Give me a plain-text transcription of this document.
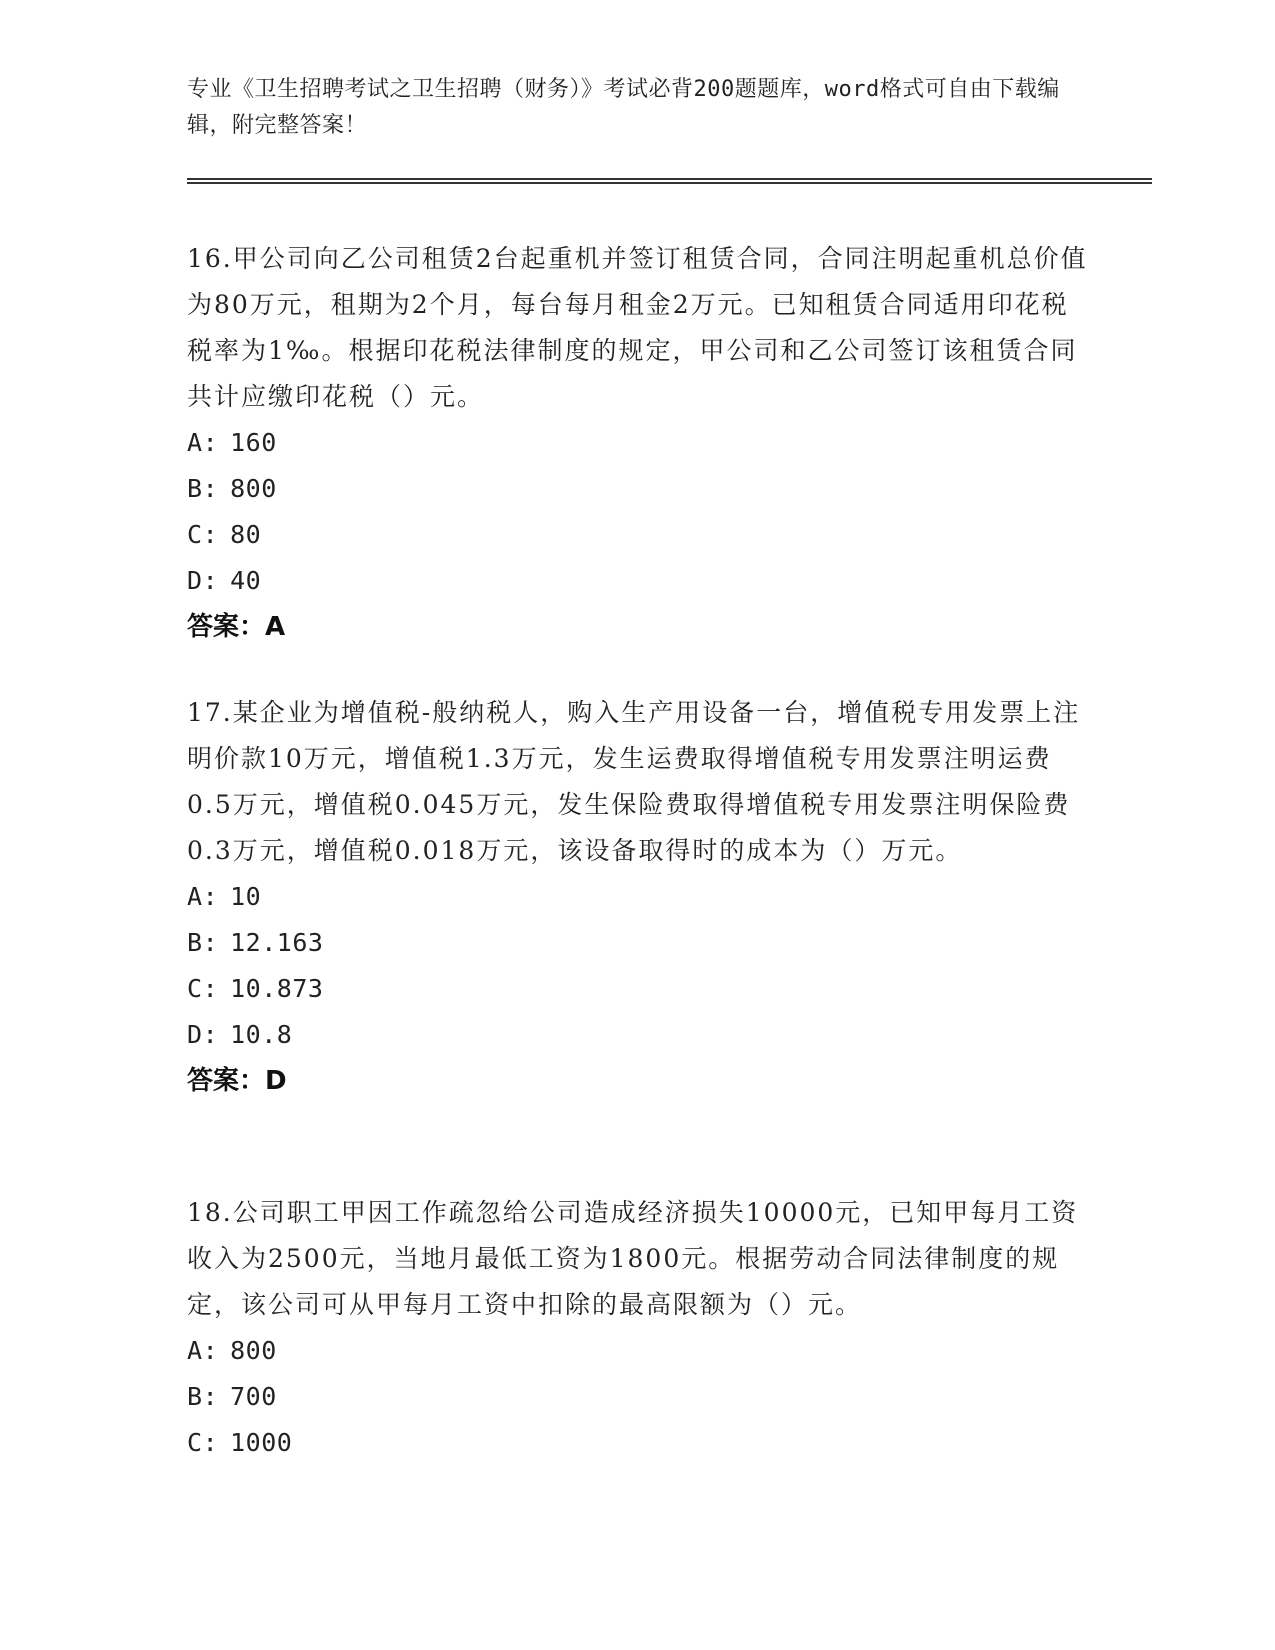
专业《卫生招聘考试之卫生招聘（财务）》考试必背200题题库，word格式可自由下载编辑，附完整答案！

16.甲公司向乙公司租赁2台起重机并签订租赁合同，合同注明起重机总价值为80万元，租期为2个月，每台每月租金2万元。已知租赁合同适用印花税税率为1‰。根据印花税法律制度的规定，甲公司和乙公司签订该租赁合同共计应缴印花税（）元。

A: 160
B: 800
C: 80
D: 40
答案：A

17.某企业为增值税-般纳税人，购入生产用设备一台，增值税专用发票上注明价款10万元，增值税1.3万元，发生运费取得增值税专用发票注明运费0.5万元，增值税0.045万元，发生保险费取得增值税专用发票注明保险费0.3万元，增值税0.018万元，该设备取得时的成本为（）万元。

A: 10
B: 12.163
C: 10.873
D: 10.8
答案：D

18.公司职工甲因工作疏忽给公司造成经济损失10000元，已知甲每月工资收入为2500元，当地月最低工资为1800元。根据劳动合同法律制度的规定，该公司可从甲每月工资中扣除的最高限额为（）元。

A: 800
B: 700
C: 1000
